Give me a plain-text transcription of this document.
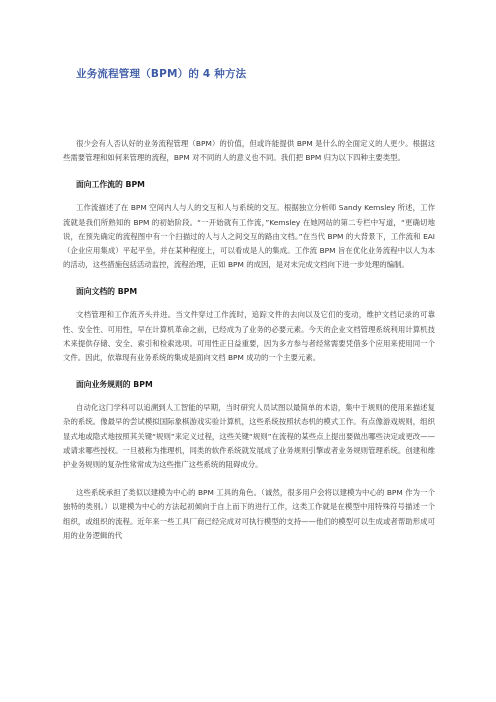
业务流程管理（BPM）的 4 种方法

很少会有人否认好的业务流程管理（BPM）的价值，但或许能提供 BPM 是什么的全面定义的人更少。根据这些需要管理和如何来管理的流程，BPM 对不同的人的意义也不同。我们把 BPM 归为以下四种主要类型。

面向工作流的 BPM

工作流描述了在 BPM 空间内人与人的交互和人与系统的交互。根据独立分析师 Sandy Kemsley 所述，工作流就是我们所熟知的 BPM 的初始阶段。“一开始就有工作流，”Kemsley 在她网站的第二专栏中写道，“更确切地说，在预先确定的流程图中有一个扫描过的人与人之间交互的路由文档。”在当代 BPM 的大背景下，工作流和 EAI（企业应用集成）平起平坐，并在某种程度上，可以看成是人的集成。工作流 BPM 旨在优化业务流程中以人为本的活动，这些措施包括活动监控，流程治理，正如 BPM 的成因，是对未完成文档向下进一步处理的编制。

面向文档的 BPM

文档管理和工作流齐头并进。当文件穿过工作流时，追踪文件的去向以及它们的变动，维护文档记录的可靠性、安全性、可用性，早在计算机革命之前，已经成为了业务的必要元素。今天的企业文档管理系统利用计算机技术来提供存储、安全、索引和检索选项。可用性正日益重要，因为多方参与者经常需要凭借多个应用来使用同一个文件。因此，依靠现有业务系统的集成是面向文档 BPM 成功的一个主要元素。

面向业务规则的 BPM

自动化这门学科可以追溯到人工智能的早期，当时研究人员试图以最简单的术语，集中于规则的使用来描述复杂的系统。像最早的尝试模拟国际象棋游戏实验计算机，这些系统按照状态机的模式工作。有点像游戏规则，组织显式地或隐式地按照其关键“规则”来定义过程，这些关键“规则”在流程的某些点上提出要做出哪些决定或更改——或请求哪些授权。一旦被称为推理机，同类的软件系统就发展成了业务规则引擎或者业务规则管理系统。创建和维护业务规则的复杂性常常成为这些推广这些系统的阻碍成分。

这些系统承担了类似以建模为中心的 BPM 工具的角色。（诚然，很多用户会将以建模为中心的 BPM 作为一个独特的类别。）以建模为中心的方法起初倾向于自上而下的进行工作，这类工作就是在模型中用特殊符号描述一个组织，或组织的流程。近年来一些工具厂商已经完成对可执行模型的支持——他们的模型可以生成或者帮助形成可用的业务逻辑的代
